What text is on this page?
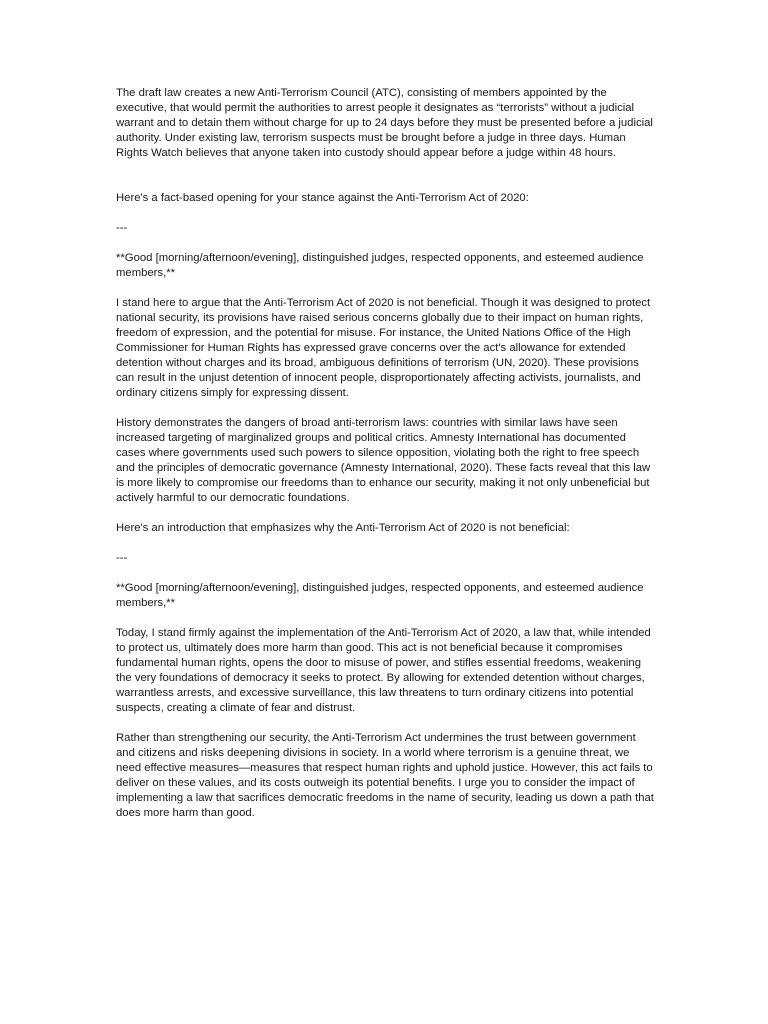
The draft law creates a new Anti-Terrorism Council (ATC), consisting of members appointed by the executive, that would permit the authorities to arrest people it designates as “terrorists” without a judicial warrant and to detain them without charge for up to 24 days before they must be presented before a judicial authority. Under existing law, terrorism suspects must be brought before a judge in three days. Human Rights Watch believes that anyone taken into custody should appear before a judge within 48 hours.

Here's a fact-based opening for your stance against the Anti-Terrorism Act of 2020:

---

**Good [morning/afternoon/evening], distinguished judges, respected opponents, and esteemed audience members,**

I stand here to argue that the Anti-Terrorism Act of 2020 is not beneficial. Though it was designed to protect national security, its provisions have raised serious concerns globally due to their impact on human rights, freedom of expression, and the potential for misuse. For instance, the United Nations Office of the High Commissioner for Human Rights has expressed grave concerns over the act's allowance for extended detention without charges and its broad, ambiguous definitions of terrorism (UN, 2020). These provisions can result in the unjust detention of innocent people, disproportionately affecting activists, journalists, and ordinary citizens simply for expressing dissent.

History demonstrates the dangers of broad anti-terrorism laws: countries with similar laws have seen increased targeting of marginalized groups and political critics. Amnesty International has documented cases where governments used such powers to silence opposition, violating both the right to free speech and the principles of democratic governance (Amnesty International, 2020). These facts reveal that this law is more likely to compromise our freedoms than to enhance our security, making it not only unbeneficial but actively harmful to our democratic foundations.

Here's an introduction that emphasizes why the Anti-Terrorism Act of 2020 is not beneficial:

---

**Good [morning/afternoon/evening], distinguished judges, respected opponents, and esteemed audience members,**

Today, I stand firmly against the implementation of the Anti-Terrorism Act of 2020, a law that, while intended to protect us, ultimately does more harm than good. This act is not beneficial because it compromises fundamental human rights, opens the door to misuse of power, and stifles essential freedoms, weakening the very foundations of democracy it seeks to protect. By allowing for extended detention without charges, warrantless arrests, and excessive surveillance, this law threatens to turn ordinary citizens into potential suspects, creating a climate of fear and distrust.

Rather than strengthening our security, the Anti-Terrorism Act undermines the trust between government and citizens and risks deepening divisions in society. In a world where terrorism is a genuine threat, we need effective measures—measures that respect human rights and uphold justice. However, this act fails to deliver on these values, and its costs outweigh its potential benefits. I urge you to consider the impact of implementing a law that sacrifices democratic freedoms in the name of security, leading us down a path that does more harm than good.
